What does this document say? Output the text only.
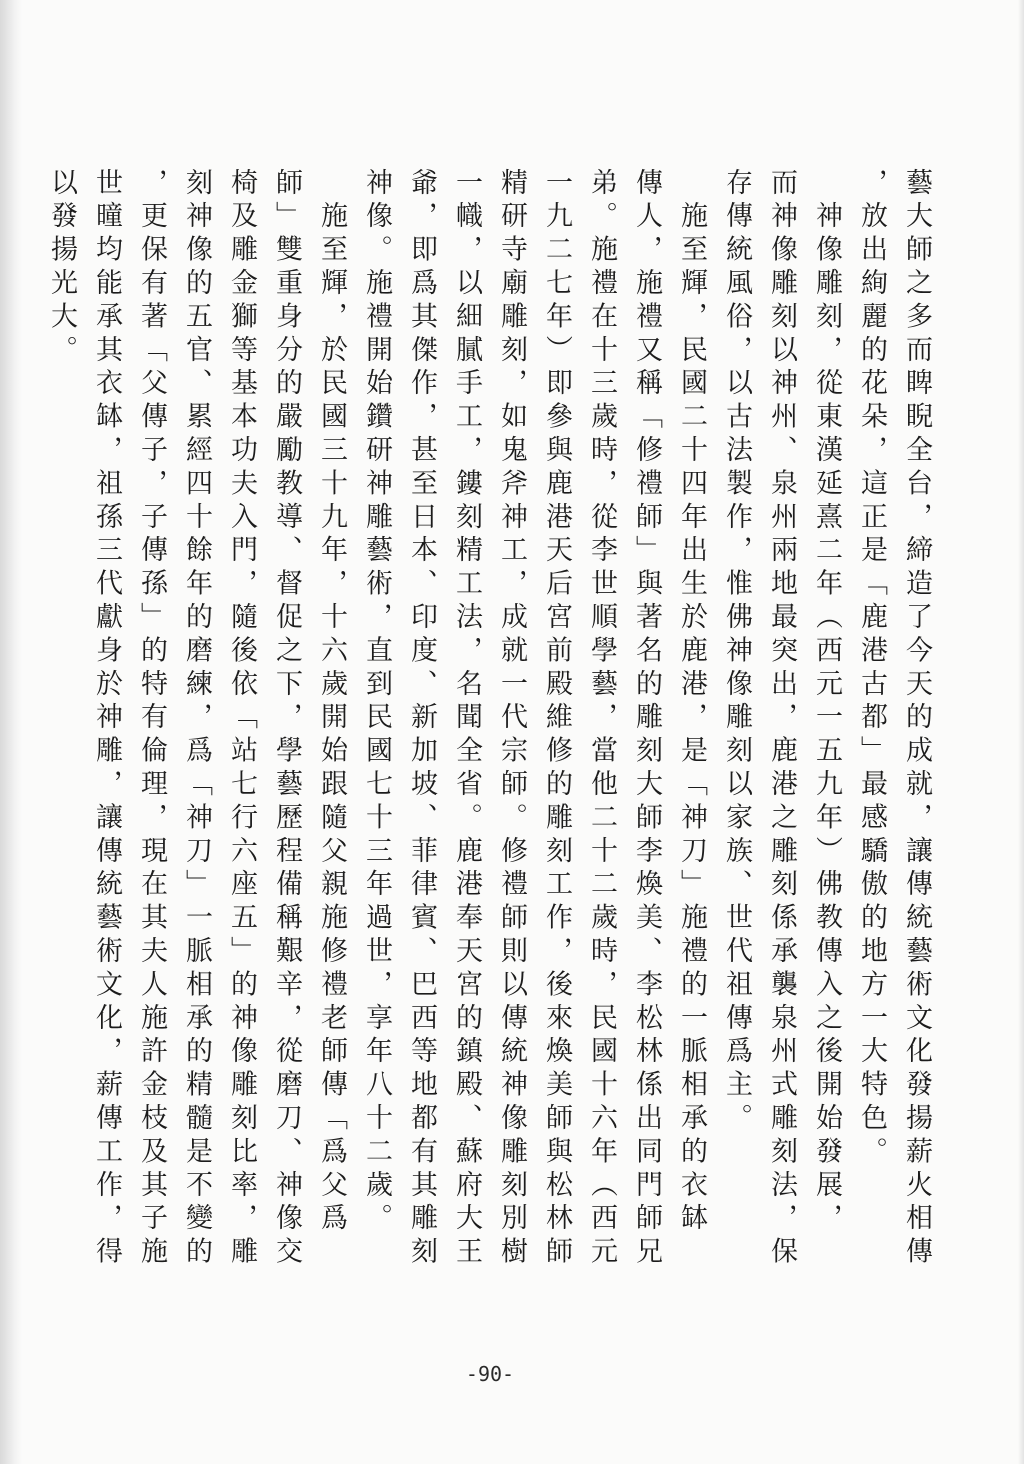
藝大師之多而睥睨全台，締造了今天的成就，讓傳統藝術文化發揚薪火相傳
，放出絢麗的花朵，這正是「鹿港古都」最感驕傲的地方一大特色。
　神像雕刻，從東漢延熹二年（西元一五九年）佛教傳入之後開始發展，
而神像雕刻以神州、泉州兩地最突出，鹿港之雕刻係承襲泉州式雕刻法，保
存傳統風俗，以古法製作，惟佛神像雕刻以家族、世代祖傳爲主。
　施至輝，民國二十四年出生於鹿港，是「神刀」施禮的一脈相承的衣缽
傳人，施禮又稱「修禮師」與著名的雕刻大師李煥美、李松林係出同門師兄
弟。施禮在十三歲時，從李世順學藝，當他二十二歲時，民國十六年（西元
一九二七年）即參與鹿港天后宮前殿維修的雕刻工作，後來煥美師與松林師
精研寺廟雕刻，如鬼斧神工，成就一代宗師。修禮師則以傳統神像雕刻別樹
一幟，以細膩手工，鏤刻精工法，名聞全省。鹿港奉天宮的鎮殿、蘇府大王
爺，即爲其傑作，甚至日本、印度、新加坡、菲律賓、巴西等地都有其雕刻
神像。施禮開始鑽研神雕藝術，直到民國七十三年過世，享年八十二歲。
　施至輝，於民國三十九年，十六歲開始跟隨父親施修禮老師傳「爲父爲
師」雙重身分的嚴勵教導、督促之下，學藝歷程備稱艱辛，從磨刀、神像交
椅及雕金獅等基本功夫入門，隨後依「站七行六座五」的神像雕刻比率，雕
刻神像的五官、累經四十餘年的磨練，爲「神刀」一脈相承的精髓是不變的
，更保有著「父傳子，子傳孫」的特有倫理，現在其夫人施許金枝及其子施
世曈均能承其衣缽，祖孫三代獻身於神雕，讓傳統藝術文化，薪傳工作，得
以發揚光大。
-90-
